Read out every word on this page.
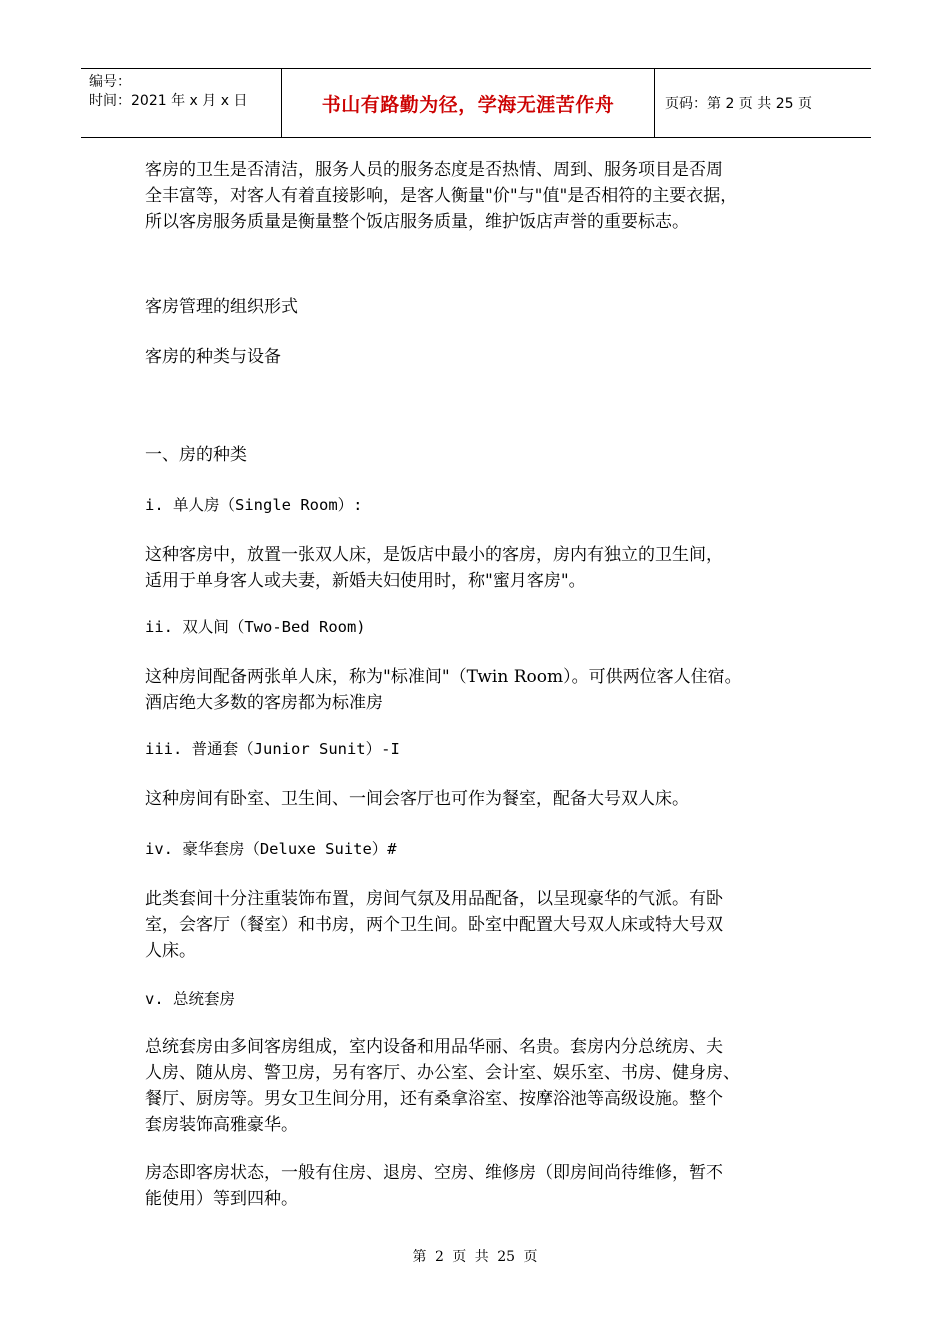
编号：
时间：2021 年 x 月 x 日	书山有路勤为径，学海无涯苦作舟	页码：第 2 页 共 25 页

客房的卫生是否清洁，服务人员的服务态度是否热情、周到、服务项目是否周

全丰富等，对客人有着直接影响，是客人衡量"价"与"值"是否相符的主要衣据，

所以客房服务质量是衡量整个饭店服务质量，维护饭店声誉的重要标志。

客房管理的组织形式

客房的种类与设备

一、房的种类

i. 单人房（Single Room）:

这种客房中，放置一张双人床，是饭店中最小的客房，房内有独立的卫生间，

适用于单身客人或夫妻，新婚夫妇使用时，称"蜜月客房"。

ii. 双人间（Two-Bed Room)

这种房间配备两张单人床，称为"标准间"（Twin Room）。可供两位客人住宿。

酒店绝大多数的客房都为标准房

iii. 普通套（Junior Sunit）-I

这种房间有卧室、卫生间、一间会客厅也可作为餐室，配备大号双人床。

iv. 豪华套房（Deluxe Suite）#

此类套间十分注重装饰布置，房间气氛及用品配备，以呈现豪华的气派。有卧

室，会客厅（餐室）和书房，两个卫生间。卧室中配置大号双人床或特大号双

人床。

v. 总统套房

总统套房由多间客房组成，室内设备和用品华丽、名贵。套房内分总统房、夫

人房、随从房、警卫房，另有客厅、办公室、会计室、娱乐室、书房、健身房、

餐厅、厨房等。男女卫生间分用，还有桑拿浴室、按摩浴池等高级设施。整个

套房装饰高雅豪华。

房态即客房状态，一般有住房、退房、空房、维修房（即房间尚待维修，暂不

能使用）等到四种。

第 2 页 共 25 页
